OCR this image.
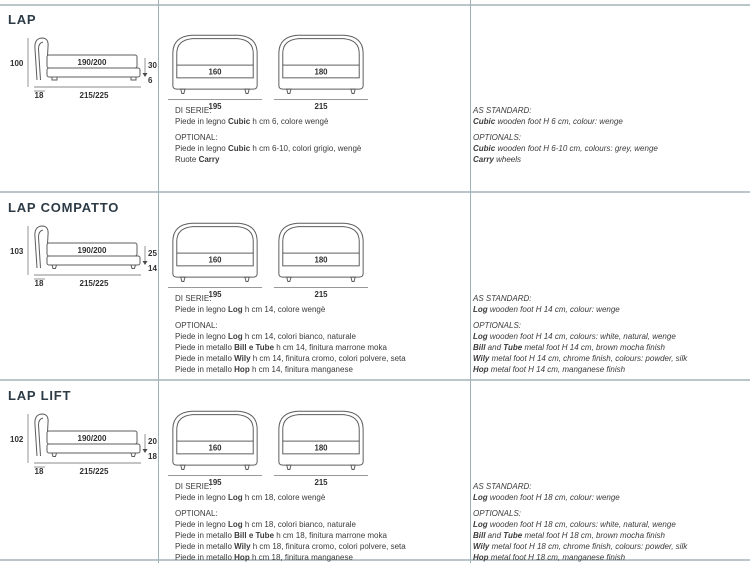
LAP
100	190/200	30
6
18	215/225
160
195
180
215

DI SERIE:

Piede in legno Cubic h cm 6, colore wengè

OPTIONAL:

Piede in legno Cubic h cm 6-10, colori grigio, wengè

Ruote Carry

AS STANDARD:

Cubic wooden foot H 6 cm, colour: wenge

OPTIONALS:

Cubic wooden foot H 6-10 cm, colours: grey, wenge

Carry wheels

LAP COMPATTO
103	190/200	25
14
18	215/225
160
195
180
215

DI SERIE:

Piede in legno Log h cm 14, colore wengè

OPTIONAL:

Piede in legno Log h cm 14, colori bianco, naturale

Piede in metallo Bill e Tube h cm 14, finitura marrone moka

Piede in metallo Wily h cm 14, finitura cromo, colori polvere, seta

Piede in metallo Hop h cm 14, finitura manganese

AS STANDARD:

Log wooden foot H 14 cm, colour: wenge

OPTIONALS:

Log wooden foot H 14 cm, colours: white, natural, wenge

Bill and Tube metal foot H 14 cm, brown mocha finish

Wily metal foot H 14 cm, chrome finish, colours: powder, silk

Hop metal foot H 14 cm, manganese finish

LAP LIFT
102	190/200	20
18
18	215/225
160
195
180
215

DI SERIE:

Piede in legno Log h cm 18, colore wengè

OPTIONAL:

Piede in legno Log h cm 18, colori bianco, naturale

Piede in metallo Bill e Tube h cm 18, finitura marrone moka

Piede in metallo Wily h cm 18, finitura cromo, colori polvere, seta

Piede in metallo Hop h cm 18, finitura manganese

AS STANDARD:

Log wooden foot H 18 cm, colour: wenge

OPTIONALS:

Log wooden foot H 18 cm, colours: white, natural, wenge

Bill and Tube metal foot H 18 cm, brown mocha finish

Wily metal foot H 18 cm, chrome finish, colours: powder, silk

Hop metal foot H 18 cm, manganese finish
